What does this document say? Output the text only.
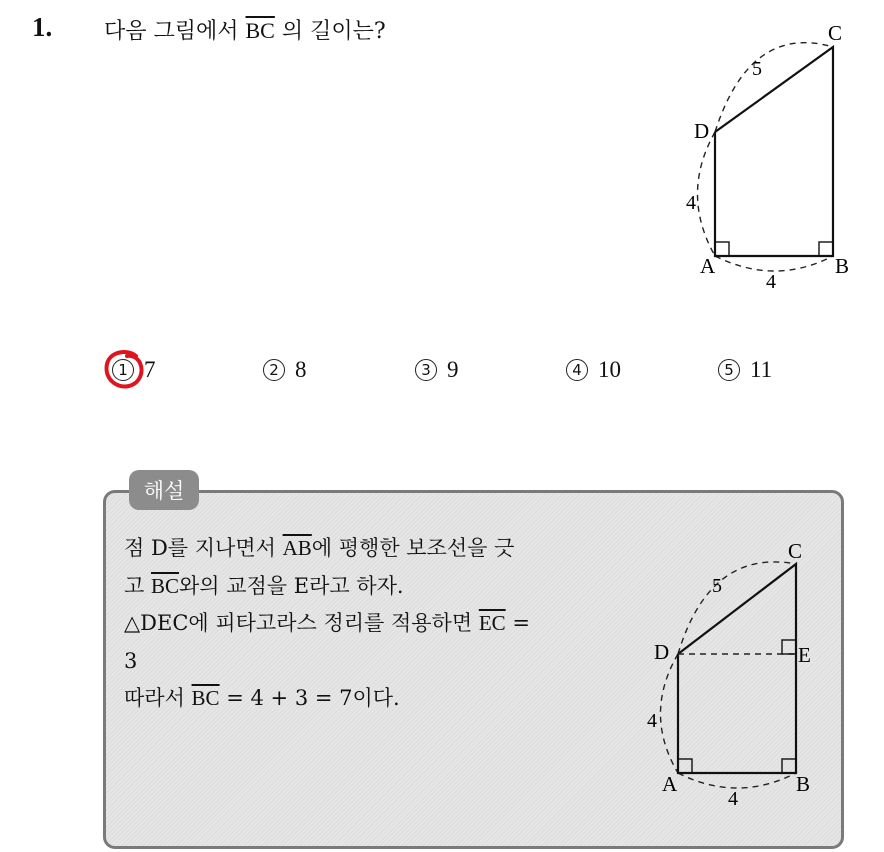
1. 다음 그림에서 $\overline{BC}$ 의 길이는?	C
D
A	B
5
4
4
1 7	2 8	3 9	4 10	5 11
해설
점 D를 지나면서 $\overline{AB}$에 평행한 보조선을 긋
고 $\overline{BC}$와의 교점을 E라고 하자.
△DEC에 피타고라스 정리를 적용하면 $\overline{EC}$ =
3
따라서 $\overline{BC} = 4 + 3 = 7$이다.
C
D	E
A	B
5
4
4
